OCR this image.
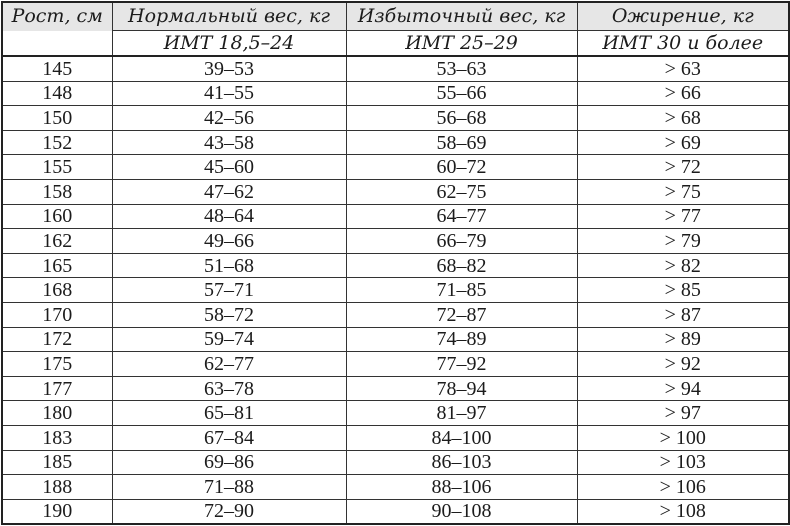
Рост, см	Нормальный вес, кг	Избыточный вес, кг	Ожирение, кг
	ИМТ 18,5–24	ИМТ 25–29	ИМТ 30 и более
145	39–53	53–63	> 63
148	41–55	55–66	> 66
150	42–56	56–68	> 68
152	43–58	58–69	> 69
155	45–60	60–72	> 72
158	47–62	62–75	> 75
160	48–64	64–77	> 77
162	49–66	66–79	> 79
165	51–68	68–82	> 82
168	57–71	71–85	> 85
170	58–72	72–87	> 87
172	59–74	74–89	> 89
175	62–77	77–92	> 92
177	63–78	78–94	> 94
180	65–81	81–97	> 97
183	67–84	84–100	> 100
185	69–86	86–103	> 103
188	71–88	88–106	> 106
190	72–90	90–108	> 108
